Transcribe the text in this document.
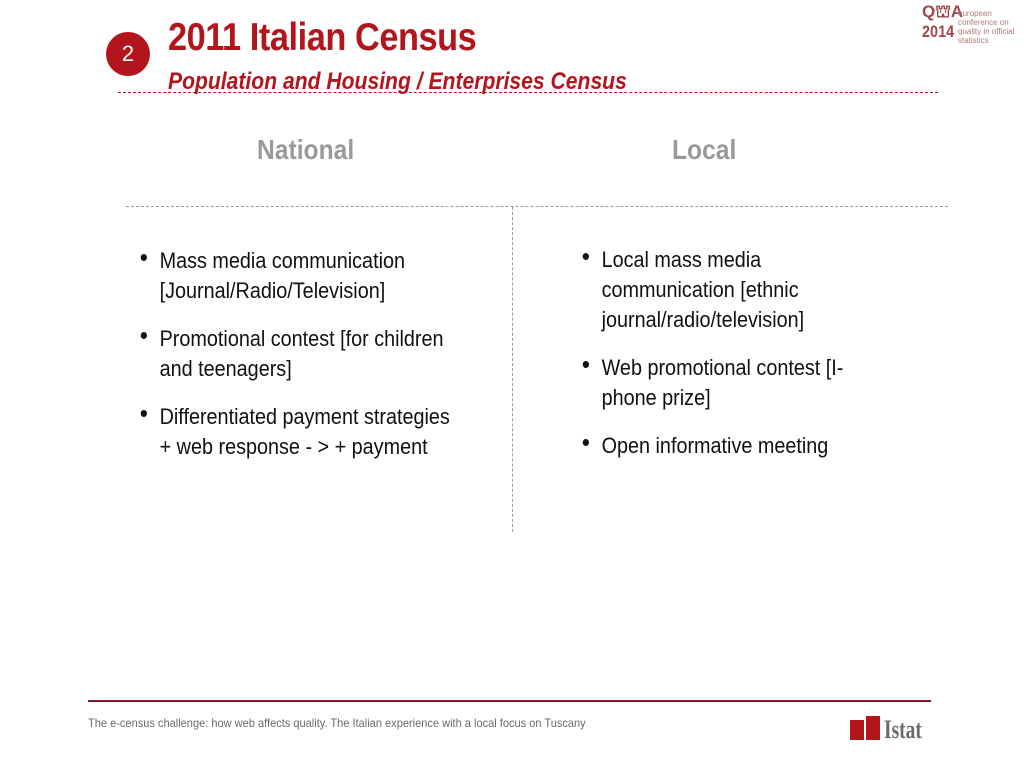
2 2011 Italian Census
Population and Housing / Enterprises Census
Q⛫A
2014
european conference on quality in official statistics
National	Local
• Mass media communication [Journal/Radio/Television]
• Promotional contest [for children and teenagers]
• Differentiated payment strategies + web response - > + payment
• Local mass media communication [ethnic journal/radio/television]
• Web promotional contest [I-phone prize]
• Open informative meeting
The e-census challenge: how web affects quality. The Italian experience with a local focus on Tuscany	Istat
